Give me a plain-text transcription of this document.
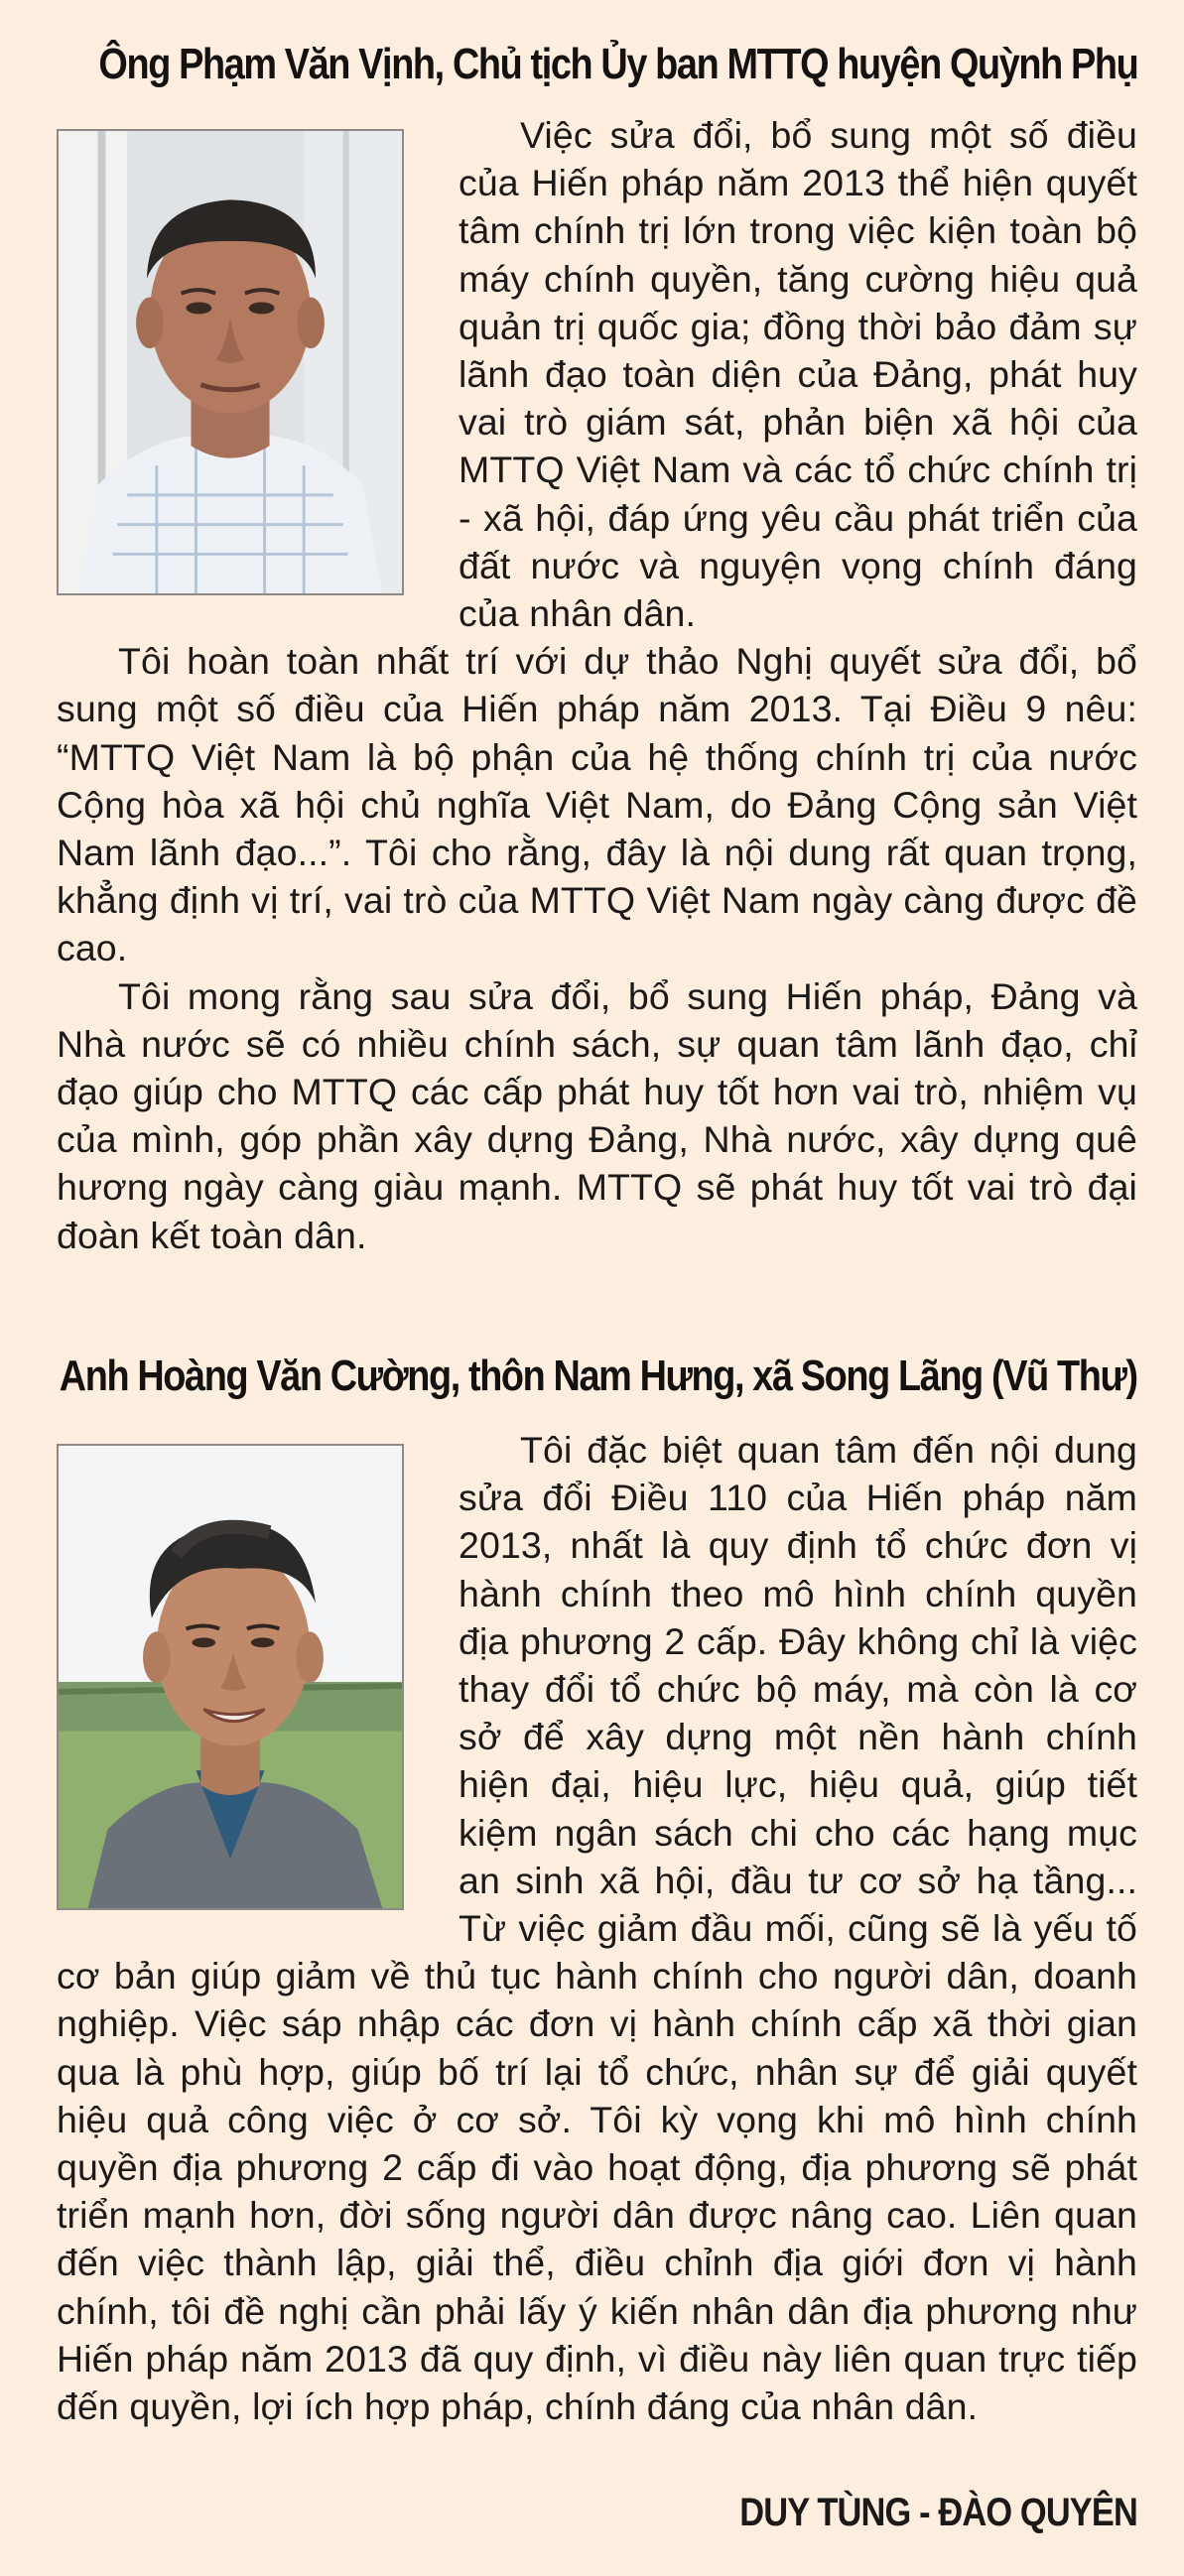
Ông Phạm Văn Vịnh, Chủ tịch Ủy ban MTTQ huyện Quỳnh Phụ

Việc sửa đổi, bổ sung một số điều của Hiến pháp năm 2013 thể hiện quyết tâm chính trị lớn trong việc kiện toàn bộ máy chính quyền, tăng cường hiệu quả quản trị quốc gia; đồng thời bảo đảm sự lãnh đạo toàn diện của Đảng, phát huy vai trò giám sát, phản biện xã hội của MTTQ Việt Nam và các tổ chức chính trị - xã hội, đáp ứng yêu cầu phát triển của đất nước và nguyện vọng chính đáng của nhân dân.

Tôi hoàn toàn nhất trí với dự thảo Nghị quyết sửa đổi, bổ sung một số điều của Hiến pháp năm 2013. Tại Điều 9 nêu: “MTTQ Việt Nam là bộ phận của hệ thống chính trị của nước Cộng hòa xã hội chủ nghĩa Việt Nam, do Đảng Cộng sản Việt Nam lãnh đạo...”. Tôi cho rằng, đây là nội dung rất quan trọng, khẳng định vị trí, vai trò của MTTQ Việt Nam ngày càng được đề cao.

Tôi mong rằng sau sửa đổi, bổ sung Hiến pháp, Đảng và Nhà nước sẽ có nhiều chính sách, sự quan tâm lãnh đạo, chỉ đạo giúp cho MTTQ các cấp phát huy tốt hơn vai trò, nhiệm vụ của mình, góp phần xây dựng Đảng, Nhà nước, xây dựng quê hương ngày càng giàu mạnh. MTTQ sẽ phát huy tốt vai trò đại đoàn kết toàn dân.

Anh Hoàng Văn Cường, thôn Nam Hưng, xã Song Lãng (Vũ Thư)

Tôi đặc biệt quan tâm đến nội dung sửa đổi Điều 110 của Hiến pháp năm 2013, nhất là quy định tổ chức đơn vị hành chính theo mô hình chính quyền địa phương 2 cấp. Đây không chỉ là việc thay đổi tổ chức bộ máy, mà còn là cơ sở để xây dựng một nền hành chính hiện đại, hiệu lực, hiệu quả, giúp tiết kiệm ngân sách chi cho các hạng mục an sinh xã hội, đầu tư cơ sở hạ tầng... Từ việc giảm đầu mối, cũng sẽ là yếu tố cơ bản giúp giảm về thủ tục hành chính cho người dân, doanh nghiệp. Việc sáp nhập các đơn vị hành chính cấp xã thời gian qua là phù hợp, giúp bố trí lại tổ chức, nhân sự để giải quyết hiệu quả công việc ở cơ sở. Tôi kỳ vọng khi mô hình chính quyền địa phương 2 cấp đi vào hoạt động, địa phương sẽ phát triển mạnh hơn, đời sống người dân được nâng cao. Liên quan đến việc thành lập, giải thể, điều chỉnh địa giới đơn vị hành chính, tôi đề nghị cần phải lấy ý kiến nhân dân địa phương như Hiến pháp năm 2013 đã quy định, vì điều này liên quan trực tiếp đến quyền, lợi ích hợp pháp, chính đáng của nhân dân.

DUY TÙNG - ĐÀO QUYÊN
